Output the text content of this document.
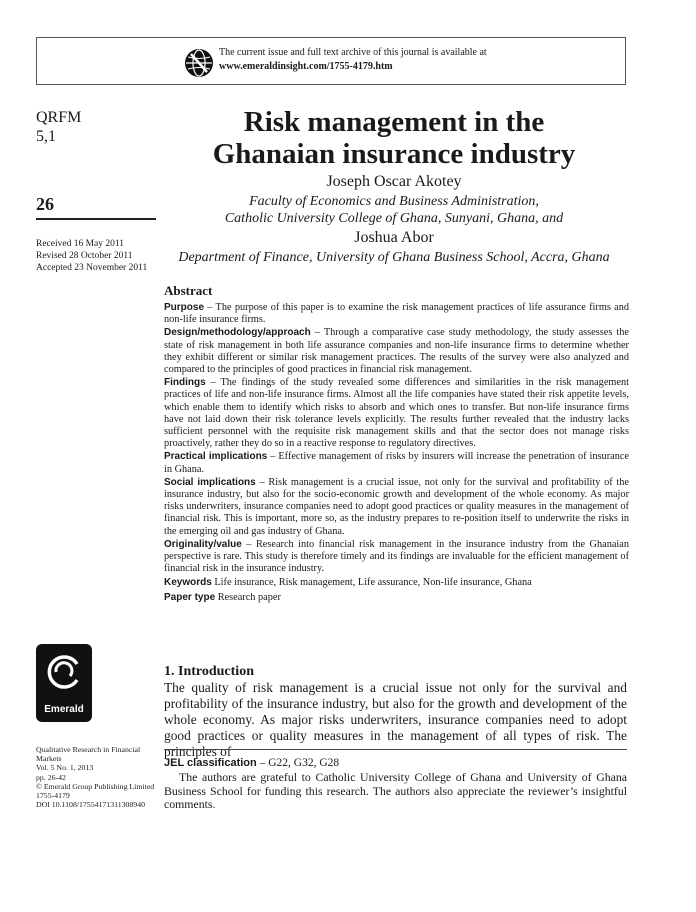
The current issue and full text archive of this journal is available at
www.emeraldinsight.com/1755-4179.htm
QRFM
5,1
26
Received 16 May 2011
Revised 28 October 2011
Accepted 23 November 2011
Risk management in the
Ghanaian insurance industry
Joseph Oscar Akotey
Faculty of Economics and Business Administration,
Catholic University College of Ghana, Sunyani, Ghana, and
Joshua Abor
Department of Finance, University of Ghana Business School, Accra, Ghana
Abstract

Purpose – The purpose of this paper is to examine the risk management practices of life assurance firms and non-life insurance firms.

Design/methodology/approach – Through a comparative case study methodology, the study assesses the state of risk management in both life assurance companies and non-life insurance firms to determine whether they exhibit different or similar risk management practices. The results of the survey were also analyzed and compared to the principles of good practices in financial risk management.

Findings – The findings of the study revealed some differences and similarities in the risk management practices of life and non-life insurance firms. Almost all the life companies have stated their risk appetite levels, which enable them to identify which risks to absorb and which ones to transfer. But non-life insurance firms have not laid down their risk tolerance levels explicitly. The results further revealed that the industry lacks sufficient personnel with the requisite risk management skills and that the sector does not manage risks proactively, rather they do so in a reactive response to regulatory directives.

Practical implications – Effective management of risks by insurers will increase the penetration of insurance in Ghana.

Social implications – Risk management is a crucial issue, not only for the survival and profitability of the insurance industry, but also for the socio-economic growth and development of the whole economy. As major risks underwriters, insurance companies need to adopt good practices or quality measures in the management of financial risk. This is important, more so, as the industry prepares to re-position itself to underwrite the risks in the emerging oil and gas industry of Ghana.

Originality/value – Research into financial risk management in the insurance industry from the Ghanaian perspective is rare. This study is therefore timely and its findings are invaluable for the efficient management of financial risk in the insurance industry.

Keywords Life insurance, Risk management, Life assurance, Non-life insurance, Ghana

Paper type Research paper

Emerald
1. Introduction

The quality of risk management is a crucial issue not only for the survival and profitability of the insurance industry, but also for the growth and development of the whole economy. As major risks underwriters, insurance companies need to adopt good practices or quality measures in the management of all types of risk. The principles of

JEL classification – G22, G32, G28

The authors are grateful to Catholic University College of Ghana and University of Ghana Business School for funding this research. The authors also appreciate the reviewer’s insightful comments.

Qualitative Research in Financial Markets
Vol. 5 No. 1, 2013
pp. 26-42
© Emerald Group Publishing Limited
1755-4179
DOI 10.1108/17554171311308940
